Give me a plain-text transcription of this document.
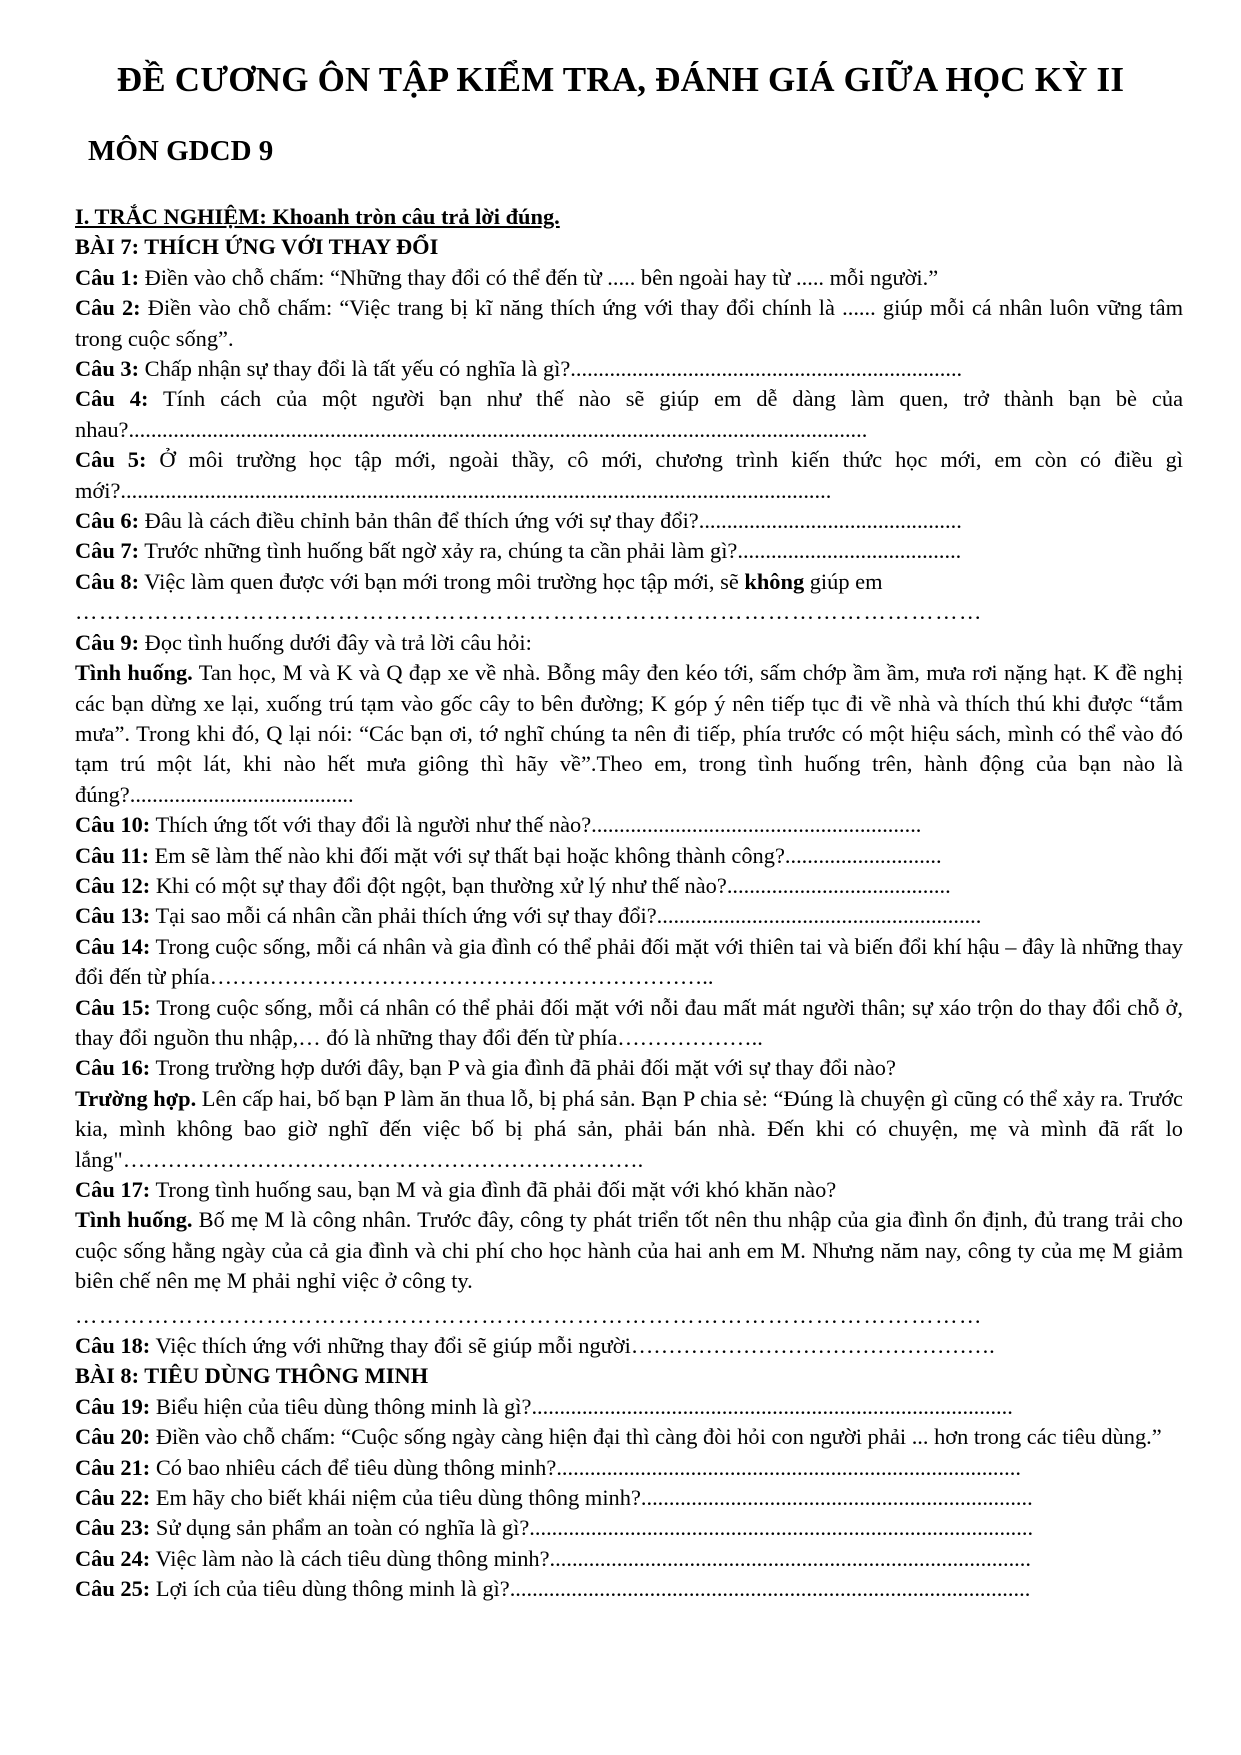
ĐỀ CƯƠNG ÔN TẬP KIỂM TRA, ĐÁNH GIÁ GIỮA HỌC KỲ II
MÔN GDCD 9

I. TRẮC NGHIỆM: Khoanh tròn câu trả lời đúng.

BÀI 7: THÍCH ỨNG VỚI THAY ĐỔI

Câu 1: Điền vào chỗ chấm: “Những thay đổi có thể đến từ ..... bên ngoài hay từ ..... mỗi người.”

Câu 2: Điền vào chỗ chấm: “Việc trang bị kĩ năng thích ứng với thay đổi chính là ...... giúp mỗi cá nhân luôn vững tâm trong cuộc sống”.

Câu 3: Chấp nhận sự thay đổi là tất yếu có nghĩa là gì?......................................................................

Câu 4: Tính cách của một người bạn như thế nào sẽ giúp em dễ dàng làm quen, trở thành bạn bè của nhau?....................................................................................................................................

Câu 5: Ở môi trường học tập mới, ngoài thầy, cô mới, chương trình kiến thức học mới, em còn có điều gì mới?...............................................................................................................................

Câu 6: Đâu là cách điều chỉnh bản thân để thích ứng với sự thay đổi?...............................................

Câu 7: Trước những tình huống bất ngờ xảy ra, chúng ta cần phải làm gì?........................................

Câu 8: Việc làm quen được với bạn mới trong môi trường học tập mới, sẽ không giúp em

……………………………………………………………………………………………………

Câu 9: Đọc tình huống dưới đây và trả lời câu hỏi:

Tình huống. Tan học, M và K và Q đạp xe về nhà. Bỗng mây đen kéo tới, sấm chớp ầm ầm, mưa rơi nặng hạt. K đề nghị các bạn dừng xe lại, xuống trú tạm vào gốc cây to bên đường; K góp ý nên tiếp tục đi về nhà và thích thú khi được “tắm mưa”. Trong khi đó, Q lại nói: “Các bạn ơi, tớ nghĩ chúng ta nên đi tiếp, phía trước có một hiệu sách, mình có thể vào đó tạm trú một lát, khi nào hết mưa giông thì hãy về”.Theo em, trong tình huống trên, hành động của bạn nào là đúng?........................................

Câu 10: Thích ứng tốt với thay đổi là người như thế nào?...........................................................

Câu 11: Em sẽ làm thế nào khi đối mặt với sự thất bại hoặc không thành công?............................

Câu 12: Khi có một sự thay đổi đột ngột, bạn thường xử lý như thế nào?........................................

Câu 13: Tại sao mỗi cá nhân cần phải thích ứng với sự thay đổi?..........................................................

Câu 14: Trong cuộc sống, mỗi cá nhân và gia đình có thể phải đối mặt với thiên tai và biến đổi khí hậu – đây là những thay đổi đến từ phía…………………………………………………………..

Câu 15: Trong cuộc sống, mỗi cá nhân có thể phải đối mặt với nỗi đau mất mát người thân; sự xáo trộn do thay đổi chỗ ở, thay đổi nguồn thu nhập,… đó là những thay đổi đến từ phía………………..

Câu 16: Trong trường hợp dưới đây, bạn P và gia đình đã phải đối mặt với sự thay đổi nào?

Trường hợp. Lên cấp hai, bố bạn P làm ăn thua lỗ, bị phá sản. Bạn P chia sẻ: “Đúng là chuyện gì cũng có thể xảy ra. Trước kia, mình không bao giờ nghĩ đến việc bố bị phá sản, phải bán nhà. Đến khi có chuyện, mẹ và mình đã rất lo lắng"…………………………………………………………….

Câu 17: Trong tình huống sau, bạn M và gia đình đã phải đối mặt với khó khăn nào?

Tình huống. Bố mẹ M là công nhân. Trước đây, công ty phát triển tốt nên thu nhập của gia đình ổn định, đủ trang trải cho cuộc sống hằng ngày của cả gia đình và chi phí cho học hành của hai anh em M. Nhưng năm nay, công ty của mẹ M giảm biên chế nên mẹ M phải nghỉ việc ở công ty.

……………………………………………………………………………………………………

Câu 18: Việc thích ứng với những thay đổi sẽ giúp mỗi người………………………………………….

BÀI 8: TIÊU DÙNG THÔNG MINH

Câu 19: Biểu hiện của tiêu dùng thông minh là gì?......................................................................................

Câu 20: Điền vào chỗ chấm: “Cuộc sống ngày càng hiện đại thì càng đòi hỏi con người phải ... hơn trong các tiêu dùng.”

Câu 21: Có bao nhiêu cách để tiêu dùng thông minh?...................................................................................

Câu 22: Em hãy cho biết khái niệm của tiêu dùng thông minh?......................................................................

Câu 23: Sử dụng sản phẩm an toàn có nghĩa là gì?..........................................................................................

Câu 24: Việc làm nào là cách tiêu dùng thông minh?......................................................................................

Câu 25: Lợi ích của tiêu dùng thông minh là gì?.............................................................................................
